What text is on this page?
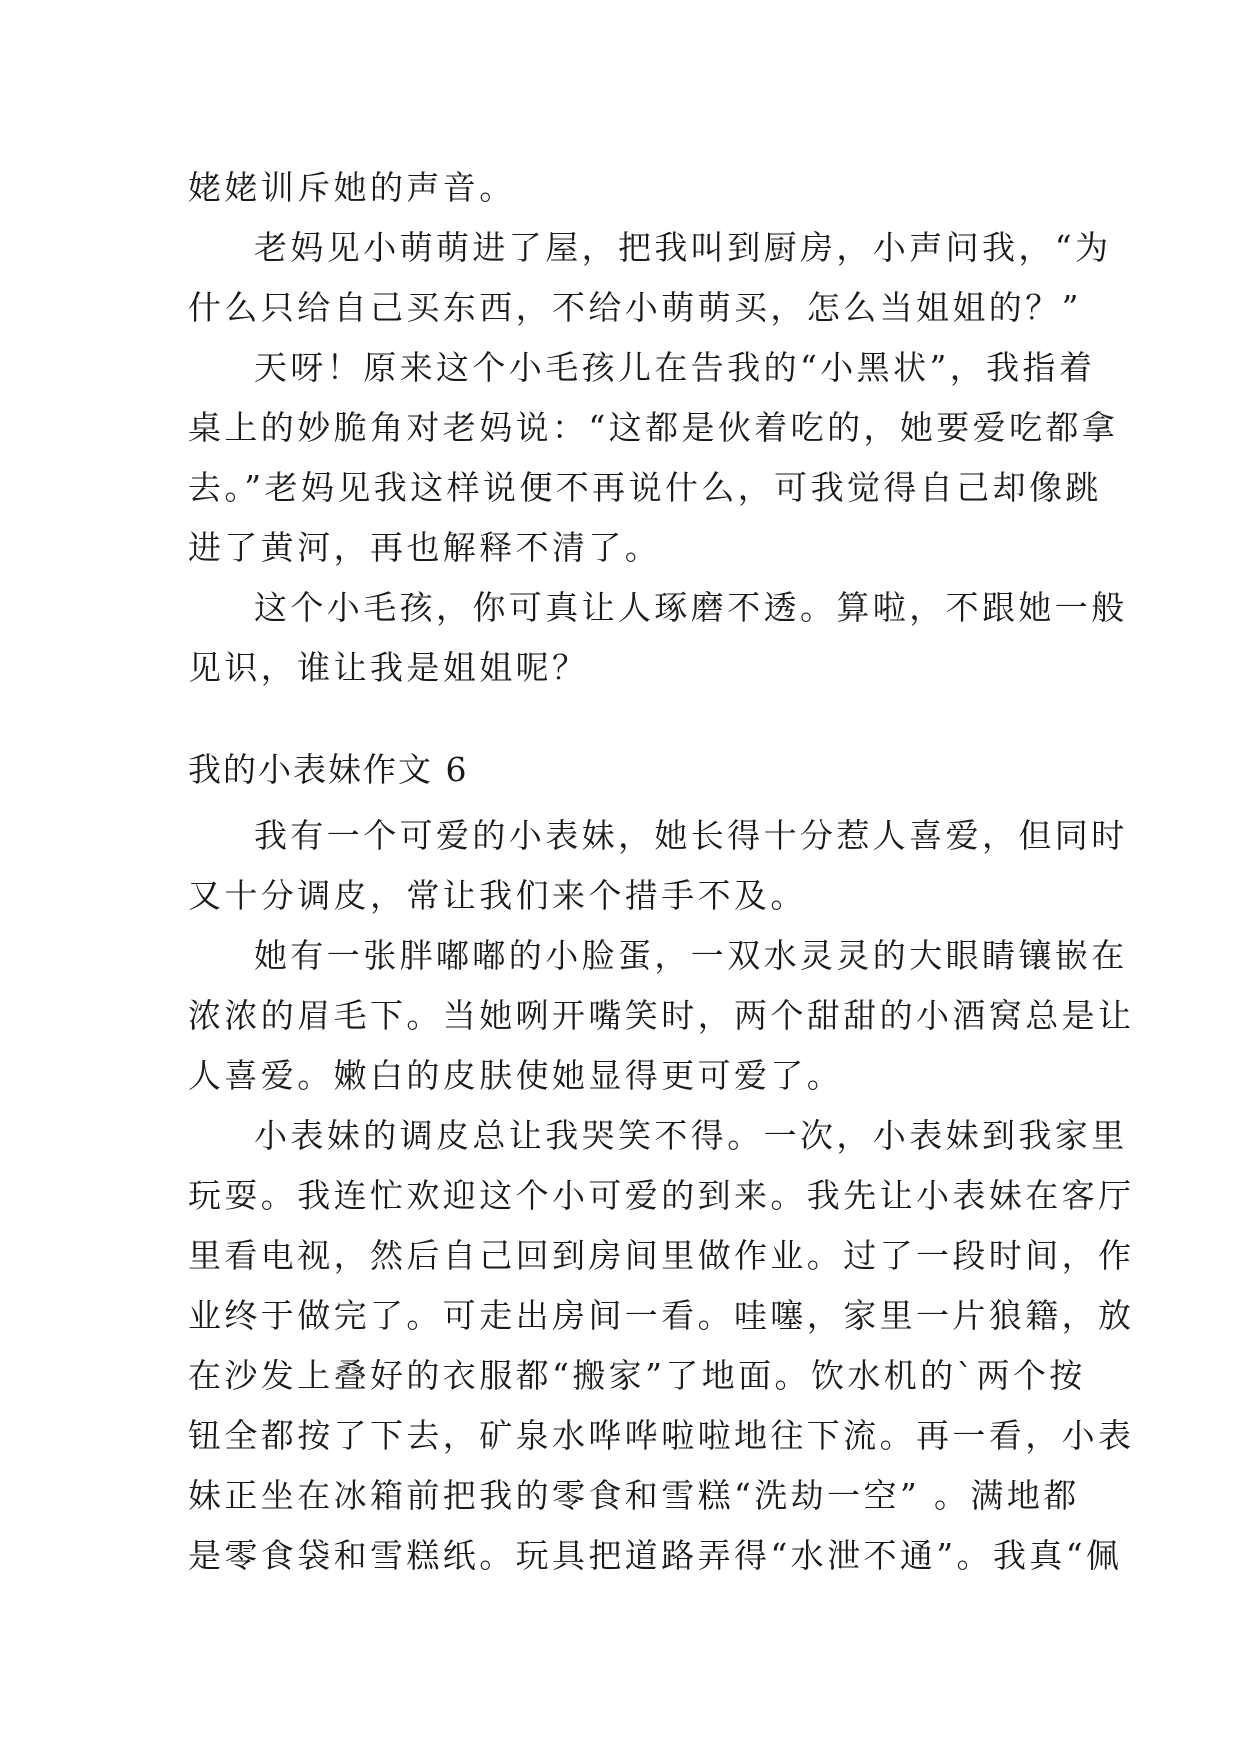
姥姥训斥她的声音。
老妈见小萌萌进了屋，把我叫到厨房，小声问我，“为
什么只给自己买东西，不给小萌萌买，怎么当姐姐的？”
天呀！原来这个小毛孩儿在告我的“小黑状”，我指着
桌上的妙脆角对老妈说：“这都是伙着吃的，她要爱吃都拿
去。”老妈见我这样说便不再说什么，可我觉得自己却像跳
进了黄河，再也解释不清了。
这个小毛孩，你可真让人琢磨不透。算啦，不跟她一般
见识，谁让我是姐姐呢？
我的小表妹作文 6
我有一个可爱的小表妹，她长得十分惹人喜爱，但同时
又十分调皮，常让我们来个措手不及。
她有一张胖嘟嘟的小脸蛋，一双水灵灵的大眼睛镶嵌在
浓浓的眉毛下。当她咧开嘴笑时，两个甜甜的小酒窝总是让
人喜爱。嫩白的皮肤使她显得更可爱了。
小表妹的调皮总让我哭笑不得。一次，小表妹到我家里
玩耍。我连忙欢迎这个小可爱的到来。我先让小表妹在客厅
里看电视，然后自己回到房间里做作业。过了一段时间，作
业终于做完了。可走出房间一看。哇噻，家里一片狼籍，放
在沙发上叠好的衣服都“搬家”了地面。饮水机的`两个按
钮全都按了下去，矿泉水哗哗啦啦地往下流。再一看，小表
妹正坐在冰箱前把我的零食和雪糕“洗劫一空” 。满地都
是零食袋和雪糕纸。玩具把道路弄得“水泄不通”。我真“佩
